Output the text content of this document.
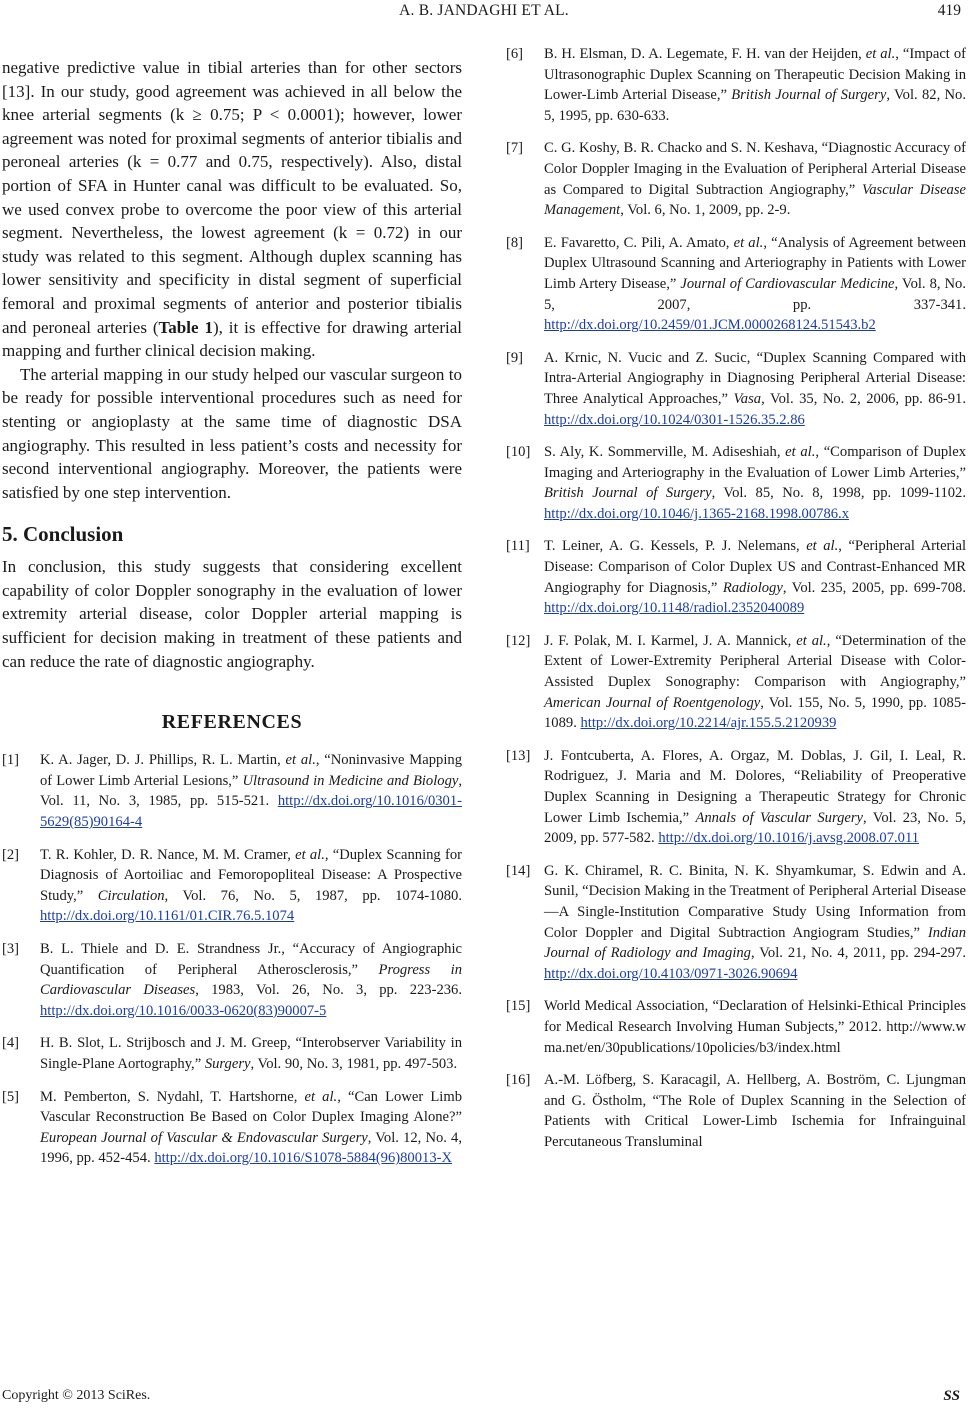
A. B. JANDAGHI ET AL.	419

negative predictive value in tibial arteries than for other sectors [13]. In our study, good agreement was achieved in all below the knee arterial segments (k ≥ 0.75; P < 0.0001); however, lower agreement was noted for proximal segments of anterior tibialis and peroneal arteries (k = 0.77 and 0.75, respectively). Also, distal portion of SFA in Hunter canal was difficult to be evaluated. So, we used convex probe to overcome the poor view of this arterial segment. Nevertheless, the lowest agreement (k = 0.72) in our study was related to this segment. Although duplex scanning has lower sensitivity and specificity in distal segment of superficial femoral and proximal segments of anterior and posterior tibialis and peroneal arteries (Table 1), it is effective for drawing arterial mapping and further clinical decision making.

The arterial mapping in our study helped our vascular surgeon to be ready for possible interventional procedures such as need for stenting or angioplasty at the same time of diagnostic DSA angiography. This resulted in less patient’s costs and necessity for second interventional angiography. Moreover, the patients were satisfied by one step intervention.

5. Conclusion

In conclusion, this study suggests that considering excellent capability of color Doppler sonography in the evaluation of lower extremity arterial disease, color Doppler arterial mapping is sufficient for decision making in treatment of these patients and can reduce the rate of diagnostic angiography.

REFERENCES
[1] K. A. Jager, D. J. Phillips, R. L. Martin, et al., “Noninvasive Mapping of Lower Limb Arterial Lesions,” Ultrasound in Medicine and Biology, Vol. 11, No. 3, 1985, pp. 515-521. http://dx.doi.org/10.1016/0301-5629(85)90164-4
[2] T. R. Kohler, D. R. Nance, M. M. Cramer, et al., “Duplex Scanning for Diagnosis of Aortoiliac and Femoropopliteal Disease: A Prospective Study,” Circulation, Vol. 76, No. 5, 1987, pp. 1074-1080. http://dx.doi.org/10.1161/01.CIR.76.5.1074
[3] B. L. Thiele and D. E. Strandness Jr., “Accuracy of Angiographic Quantification of Peripheral Atherosclerosis,” Progress in Cardiovascular Diseases, 1983, Vol. 26, No. 3, pp. 223-236. http://dx.doi.org/10.1016/0033-0620(83)90007-5
[4] H. B. Slot, L. Strijbosch and J. M. Greep, “Interobserver Variability in Single-Plane Aortography,” Surgery, Vol. 90, No. 3, 1981, pp. 497-503.
[5] M. Pemberton, S. Nydahl, T. Hartshorne, et al., “Can Lower Limb Vascular Reconstruction Be Based on Color Duplex Imaging Alone?” European Journal of Vascular & Endovascular Surgery, Vol. 12, No. 4, 1996, pp. 452-454. http://dx.doi.org/10.1016/S1078-5884(96)80013-X
[6] B. H. Elsman, D. A. Legemate, F. H. van der Heijden, et al., “Impact of Ultrasonographic Duplex Scanning on Therapeutic Decision Making in Lower-Limb Arterial Disease,” British Journal of Surgery, Vol. 82, No. 5, 1995, pp. 630-633.
[7] C. G. Koshy, B. R. Chacko and S. N. Keshava, “Diagnostic Accuracy of Color Doppler Imaging in the Evaluation of Peripheral Arterial Disease as Compared to Digital Subtraction Angiography,” Vascular Disease Management, Vol. 6, No. 1, 2009, pp. 2-9.
[8] E. Favaretto, C. Pili, A. Amato, et al., “Analysis of Agreement between Duplex Ultrasound Scanning and Arteriography in Patients with Lower Limb Artery Disease,” Journal of Cardiovascular Medicine, Vol. 8, No. 5, 2007, pp. 337-341. http://dx.doi.org/10.2459/01.JCM.0000268124.51543.b2
[9] A. Krnic, N. Vucic and Z. Sucic, “Duplex Scanning Compared with Intra-Arterial Angiography in Diagnosing Peripheral Arterial Disease: Three Analytical Approaches,” Vasa, Vol. 35, No. 2, 2006, pp. 86-91. http://dx.doi.org/10.1024/0301-1526.35.2.86
[10] S. Aly, K. Sommerville, M. Adiseshiah, et al., “Comparison of Duplex Imaging and Arteriography in the Evaluation of Lower Limb Arteries,” British Journal of Surgery, Vol. 85, No. 8, 1998, pp. 1099-1102. http://dx.doi.org/10.1046/j.1365-2168.1998.00786.x
[11] T. Leiner, A. G. Kessels, P. J. Nelemans, et al., “Peripheral Arterial Disease: Comparison of Color Duplex US and Contrast-Enhanced MR Angiography for Diagnosis,” Radiology, Vol. 235, 2005, pp. 699-708. http://dx.doi.org/10.1148/radiol.2352040089
[12] J. F. Polak, M. I. Karmel, J. A. Mannick, et al., “Determination of the Extent of Lower-Extremity Peripheral Arterial Disease with Color-Assisted Duplex Sonography: Comparison with Angiography,” American Journal of Roentgenology, Vol. 155, No. 5, 1990, pp. 1085-1089. http://dx.doi.org/10.2214/ajr.155.5.2120939
[13] J. Fontcuberta, A. Flores, A. Orgaz, M. Doblas, J. Gil, I. Leal, R. Rodriguez, J. Maria and M. Dolores, “Reliability of Preoperative Duplex Scanning in Designing a Therapeutic Strategy for Chronic Lower Limb Ischemia,” Annals of Vascular Surgery, Vol. 23, No. 5, 2009, pp. 577-582. http://dx.doi.org/10.1016/j.avsg.2008.07.011
[14] G. K. Chiramel, R. C. Binita, N. K. Shyamkumar, S. Edwin and A. Sunil, “Decision Making in the Treatment of Peripheral Arterial Disease—A Single-Institution Comparative Study Using Information from Color Doppler and Digital Subtraction Angiogram Studies,” Indian Journal of Radiology and Imaging, Vol. 21, No. 4, 2011, pp. 294-297. http://dx.doi.org/10.4103/0971-3026.90694
[15] World Medical Association, “Declaration of Helsinki-Ethical Principles for Medical Research Involving Human Subjects,” 2012. http://www.wma.net/en/30publications/10policies/b3/index.html
[16] A.-M. Löfberg, S. Karacagil, A. Hellberg, A. Boström, C. Ljungman and G. Östholm, “The Role of Duplex Scanning in the Selection of Patients with Critical Lower-Limb Ischemia for Infrainguinal Percutaneous Transluminal
Copyright © 2013 SciRes.	SS
